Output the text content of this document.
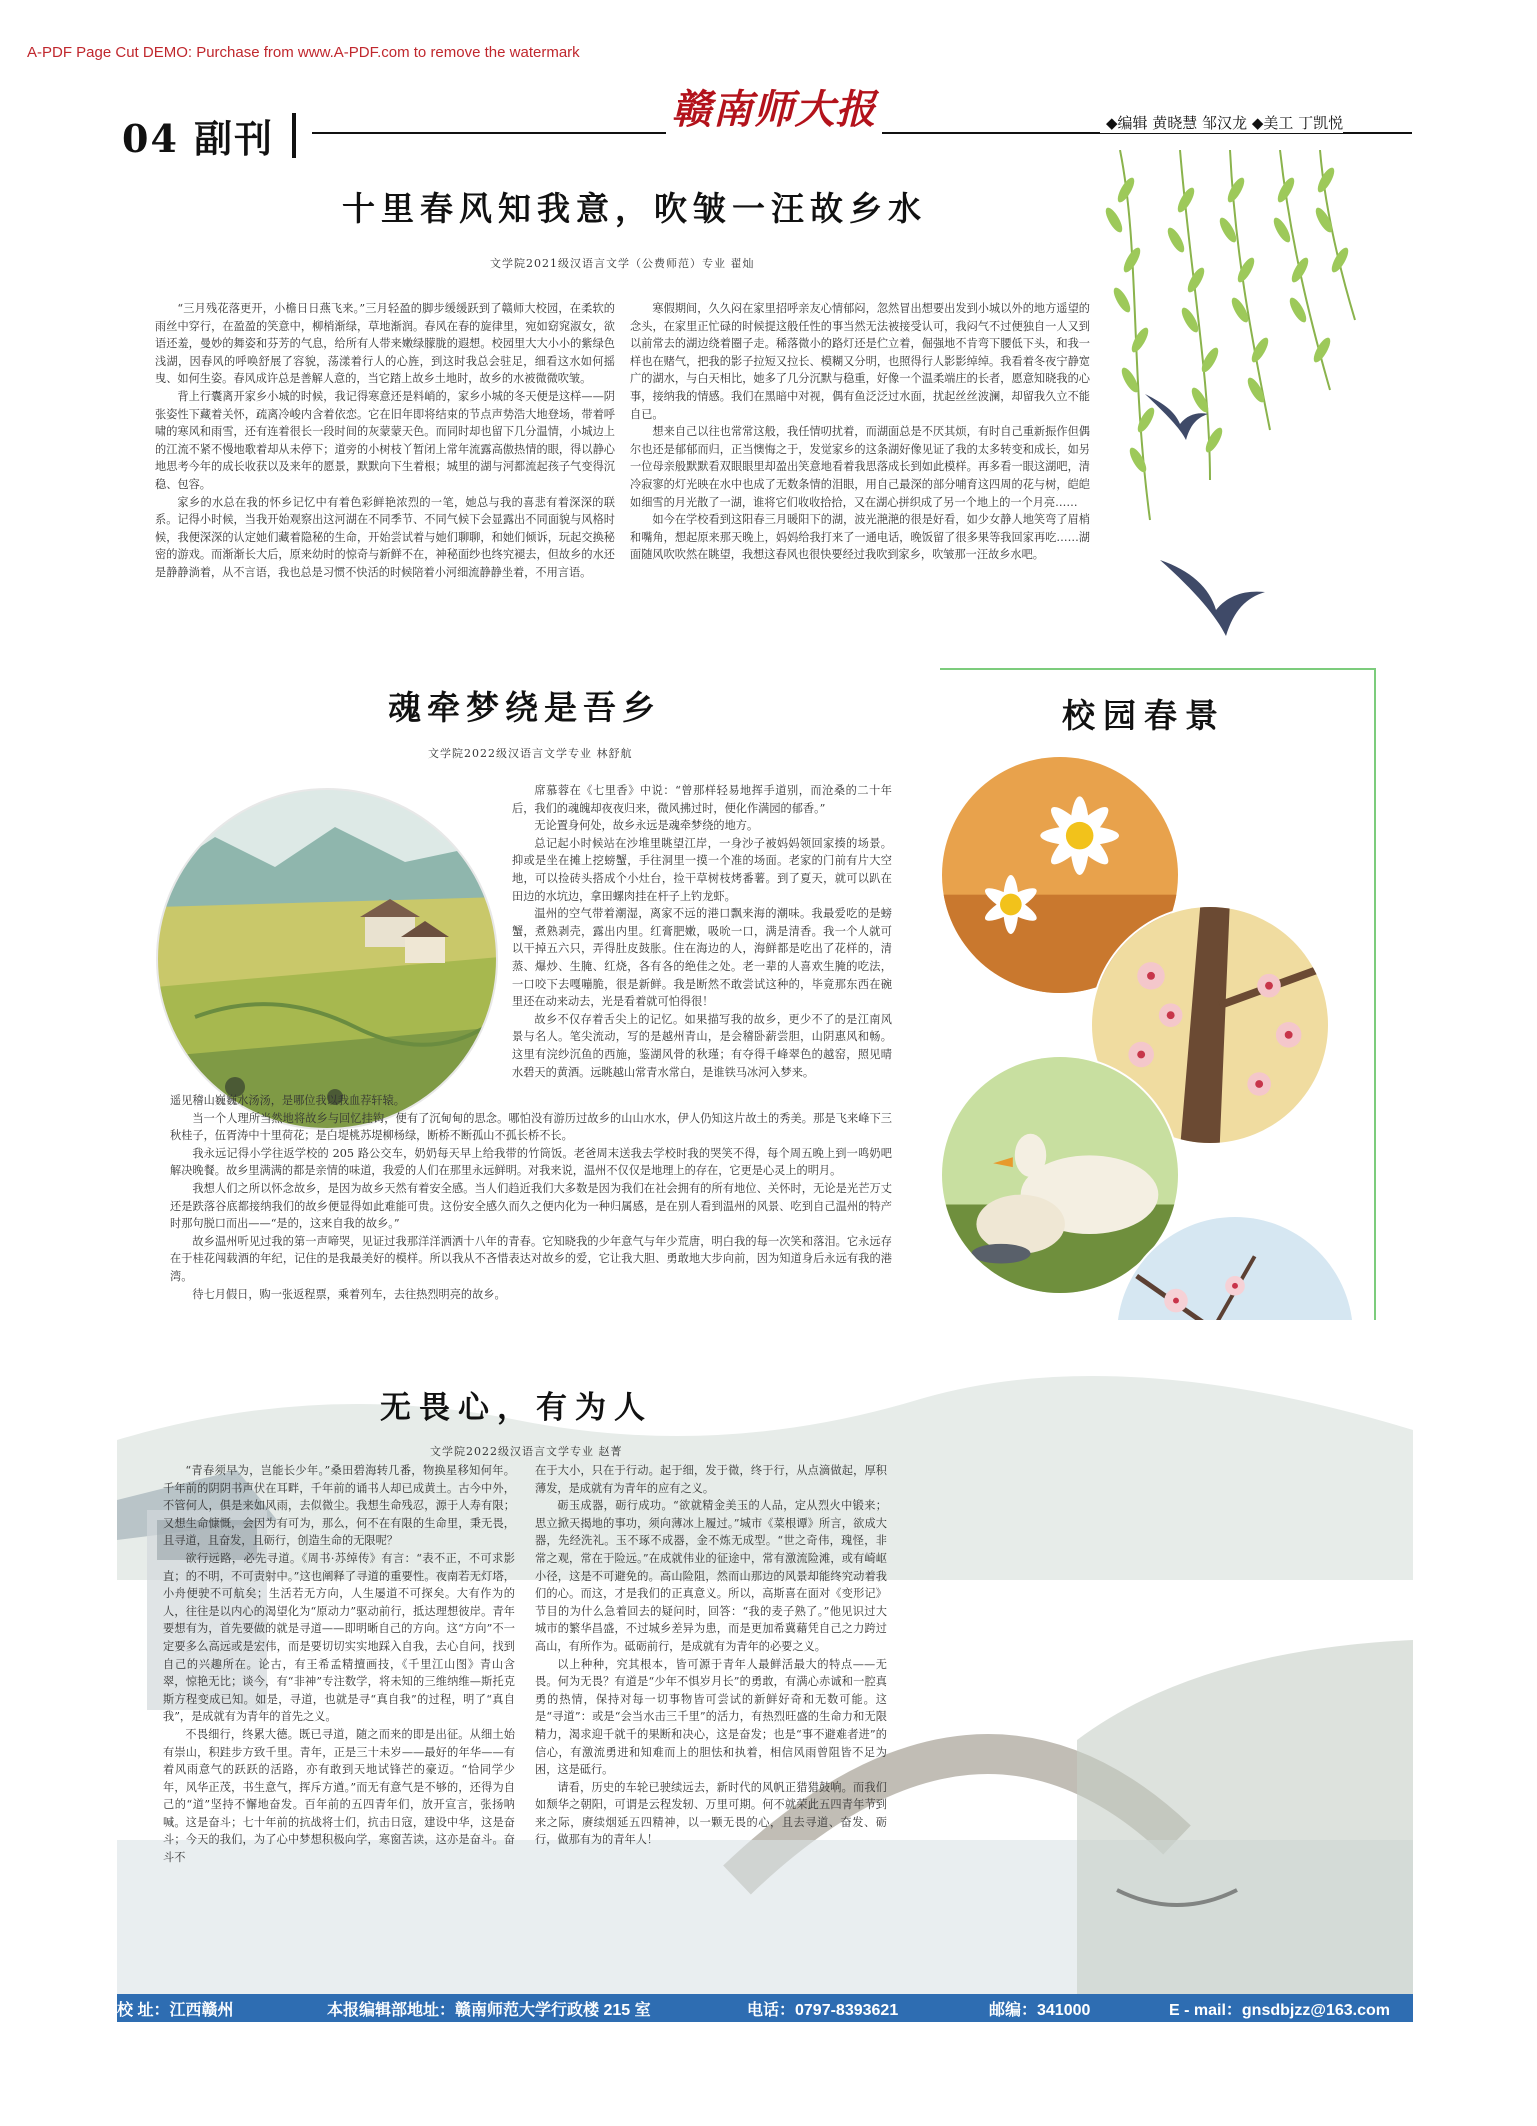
A-PDF Page Cut DEMO: Purchase from www.A-PDF.com to remove the watermark
04 副刊
赣南师大报	◆编辑 黄晓慧 邹汉龙 ◆美工 丁凯悦
十里春风知我意，吹皱一汪故乡水
文学院2021级汉语言文学（公费师范）专业 翟灿

“三月残花落更开，小檐日日燕飞来。”三月轻盈的脚步缓缓跃到了赣师大校园，在柔软的雨丝中穿行，在盈盈的笑意中，柳梢渐绿，草地渐润。春风在春的旋律里，宛如窈窕淑女，欲语还羞，曼妙的舞姿和芬芳的气息，给所有人带来嫩绿朦胧的遐想。校园里大大小小的紫绿色浅湖，因春风的呼唤舒展了容貌，荡漾着行人的心旌，到这时我总会驻足，细看这水如何摇曳、如何生姿。春风成许总是善解人意的，当它踏上故乡土地时，故乡的水被微微吹皱。

背上行囊离开家乡小城的时候，我记得寒意还是料峭的，家乡小城的冬天便是这样——阴张姿性下藏着关怀，疏离冷峻内含着依恋。它在旧年即将结束的节点声势浩大地登场，带着呼啸的寒风和雨雪，还有连着很长一段时间的灰蒙蒙天色。而同时却也留下几分温情，小城边上的江流不紧不慢地歌着却从未停下；道旁的小树枝丫暂闭上常年流露高傲热情的眼，得以静心地思考今年的成长收获以及来年的愿景，默默向下生着根；城里的湖与河都流起孩子气变得沉稳、包容。

家乡的水总在我的怀乡记忆中有着色彩鲜艳浓烈的一笔，她总与我的喜悲有着深深的联系。记得小时候，当我开始观察出这河湖在不同季节、不同气候下会显露出不同面貌与风格时候，我便深深的认定她们藏着隐秘的生命，开始尝试着与她们聊聊，和她们倾诉，玩起交换秘密的游戏。而渐渐长大后，原来幼时的惊奇与新鲜不在，神秘面纱也终究褪去，但故乡的水还是静静淌着，从不言语，我也总是习惯不快活的时候陪着小河细流静静坐着，不用言语。

寒假期间，久久闷在家里招呼亲友心情郁闷，忽然冒出想要出发到小城以外的地方遥望的念头，在家里正忙碌的时候提这般任性的事当然无法被接受认可，我闷气不过便独自一人又到以前常去的湖边绕着圈子走。稀落微小的路灯还是伫立着，倔强地不肯弯下腰低下头，和我一样也在赌气，把我的影子拉短又拉长、模糊又分明，也照得行人影影绰绰。我看着冬夜宁静宽广的湖水，与白天相比，她多了几分沉默与稳重，好像一个温柔端庄的长者，愿意知晓我的心事，接纳我的情感。我们在黑暗中对视，偶有鱼泛泛过水面，扰起丝丝波澜，却留我久立不能自已。

想来自己以往也常常这般，我任情叨扰着，而湖面总是不厌其烦，有时自己重新振作但偶尔也还是郁郁而归，正当懊悔之于，发觉家乡的这条湖好像见证了我的太多转变和成长，如另一位母亲般默默看双眼眼里却盈出笑意地看着我思落成长到如此模样。再多看一眼这湖吧，清冷寂寥的灯光映在水中也成了无数条情的泪眼，用自己最深的部分哺育这四周的花与树，皑皑如细雪的月光散了一湖，谁将它们收收拾拾，又在湖心拼织成了另一个地上的一个月亮……

如今在学校看到这阳春三月暖阳下的湖，波光滟滟的很是好看，如少女静人地笑弯了眉梢和嘴角，想起原来那天晚上，妈妈给我打来了一通电话，晚饭留了很多果等我回家再吃……湖面随风吹吹然在眺望，我想这春风也很快要经过我吹到家乡，吹皱那一汪故乡水吧。

魂牵梦绕是吾乡
文学院2022级汉语言文学专业 林舒航

席慕蓉在《七里香》中说：“曾那样轻易地挥手道别，而沧桑的二十年后，我们的魂魄却夜夜归来，微风拂过时，便化作满园的郁香。”

无论置身何处，故乡永远是魂牵梦绕的地方。

总记起小时候站在沙堆里眺望江岸，一身沙子被妈妈领回家揍的场景。抑或是坐在摊上挖螃蟹，手往洞里一摸一个准的场面。老家的门前有片大空地，可以捡砖头搭成个小灶台，捡干草树枝烤番薯。到了夏天，就可以趴在田边的水坑边，拿田螺肉挂在杆子上钓龙虾。

温州的空气带着潮湿，离家不远的港口飘来海的潮味。我最爱吃的是螃蟹，煮熟剥壳，露出内里。红膏肥嫩，吸吮一口，满是清香。我一个人就可以干掉五六只，弄得肚皮鼓胀。住在海边的人，海鲜都是吃出了花样的，清蒸、爆炒、生腌、红烧，各有各的绝佳之处。老一辈的人喜欢生腌的吃法，一口咬下去嘎嘣脆，很是新鲜。我是断然不敢尝试这种的，毕竟那东西在碗里还在动来动去，光是看着就可怕得很！

故乡不仅存着舌尖上的记忆。如果描写我的故乡，更少不了的是江南风景与名人。笔尖流动，写的是越州青山，是会稽卧薪尝胆，山阴惠风和畅。这里有浣纱沉鱼的西施，鉴湖风骨的秋瑾；有夺得千峰翠色的越窑，照见晴水碧天的黄酒。远眺越山常青水常白，是谁铁马冰河入梦来。

遥见稽山巍巍水汤汤，是哪位我以我血荐轩辕。

当一个人理所当然地将故乡与回忆挂钩，便有了沉甸甸的思念。哪怕没有游历过故乡的山山水水，伊人仍知这片故土的秀美。那是飞来峰下三秋桂子，伍胥涛中十里荷花；是白堤桃苏堤柳杨绿，断桥不断孤山不孤长桥不长。

我永远记得小学往返学校的 205 路公交车，奶奶每天早上给我带的竹筒饭。老爸周末送我去学校时我的哭笑不得，每个周五晚上到一鸣奶吧解决晚餐。故乡里满满的都是亲情的味道，我爱的人们在那里永远鲜明。对我来说，温州不仅仅是地理上的存在，它更是心灵上的明月。

我想人们之所以怀念故乡，是因为故乡天然有着安全感。当人们趋近我们大多数是因为我们在社会拥有的所有地位、关怀时，无论是光芒万丈还是跌落谷底都接纳我们的故乡便显得如此难能可贵。这份安全感久而久之便内化为一种归属感，是在别人看到温州的风景、吃到自己温州的特产时那句脱口而出——“是的，这来自我的故乡。”

故乡温州听见过我的第一声啼哭，见证过我那洋洋洒洒十八年的青春。它知晓我的少年意气与年少荒唐，明白我的每一次笑和落泪。它永远存在于桂花闯载酒的年纪，记住的是我最美好的模样。所以我从不吝惜表达对故乡的爱，它让我大胆、勇敢地大步向前，因为知道身后永远有我的港湾。

待七月假日，购一张返程票，乘着列车，去往热烈明亮的故乡。

校园春景
无畏心，有为人
文学院2022级汉语言文学专业 赵菁

“青春须早为，岂能长少年。”桑田碧海转几番，物换星移知何年。千年前的阴阴书声伏在耳畔，千年前的诵书人却已成黄土。古今中外，不管何人，俱是来如风雨，去似微尘。我想生命残忍，源于人寿有限；又想生命慷慨，会因为有可为，那么，何不在有限的生命里，秉无畏，且寻道，且奋发，且砺行，创造生命的无限呢？

欲行远路，必先寻道。《周书·苏绰传》有言：“表不正，不可求影直；的不明，不可责射中。”这也阐释了寻道的重要性。夜南若无灯塔，小舟便驶不可航矣；生活若无方向，人生屡道不可探矣。大有作为的人，往往是以内心的渴望化为“原动力”驱动前行，抵达理想彼岸。青年要想有为，首先要做的就是寻道——即明晰自己的方向。这“方向”不一定要多么高远或是宏伟，而是要切切实实地踩入自我，去心自问，找到自己的兴趣所在。论古，有王希孟精擅画技，《千里江山图》青山含翠，惊艳无比；谈今，有“非神”专注数学，将未知的三维纳维—斯托克斯方程变成已知。如是，寻道，也就是寻“真自我”的过程，明了“真自我”，是成就有为青年的首先之义。

不畏细行，终累大德。既已寻道，随之而来的即是出征。从细土始有崇山，积跬步方致千里。青年，正是三十未岁——最好的年华——有着风雨意气的跃跃的活路，亦有敢到天地试锋芒的豪迈。“恰同学少年，风华正茂，书生意气，挥斥方遒。”而无有意气是不够的，还得为自己的“道”坚持不懈地奋发。百年前的五四青年们，放开宣言，张扬呐喊。这是奋斗；七十年前的抗战将士们，抗击日寇，建设中华，这是奋斗；今天的我们，为了心中梦想积极向学，寒窗苦读，这亦是奋斗。奋斗不

在于大小，只在于行动。起于细，发于微，终于行，从点滴做起，厚积薄发，是成就有为青年的应有之义。

砺玉成器，砺行成功。“欲就精金美玉的人品，定从烈火中锻来；思立掀天揭地的事功，须向薄冰上履过。”城市《菜根谭》所言，欲成大器，先经洗礼。玉不琢不成器，金不炼无成型。“世之奇伟，瑰怪，非常之观，常在于险远。”在成就伟业的征途中，常有激流险滩，或有崎岖小径，这是不可避免的。高山险阻，然而山那边的风景却能终究动着我们的心。而这，才是我们的正真意义。所以，高斯喜在面对《变形记》节目的为什么急着回去的疑问时，回答：“我的麦子熟了。”他见识过大城市的繁华昌盛，不过城乡差异为患，而是更加希冀藉凭自己之力跨过高山，有所作为。砥砺前行，是成就有为青年的必要之义。

以上种种，究其根本，皆可源于青年人最鲜活最大的特点——无畏。何为无畏？有道是“少年不惧岁月长”的勇敢，有满心赤诚和一腔真勇的热情，保持对每一切事物皆可尝试的新鲜好奇和无数可能。这是“寻道”：或是“会当水击三千里”的活力，有热烈旺盛的生命力和无限精力，渴求迎千就千的果断和决心，这是奋发；也是“事不避难者进”的信心，有激流勇进和知难而上的胆怯和执着，相信风雨曾阻皆不足为困，这是砥行。

请看，历史的车轮已驶续远去，新时代的风帆正猎猎鼓响。而我们如颓华之朝阳，可谓是云程发轫、万里可期。何不就荣此五四青年节到来之际，赓续烟延五四精神，以一颗无畏的心，且去寻道、奋发、砺行，做那有为的青年人！

校 址：江西赣州	本报编辑部地址：赣南师范大学行政楼 215 室	电话：0797-8393621	邮编：341000	E - mail：gnsdbjzz@163.com
